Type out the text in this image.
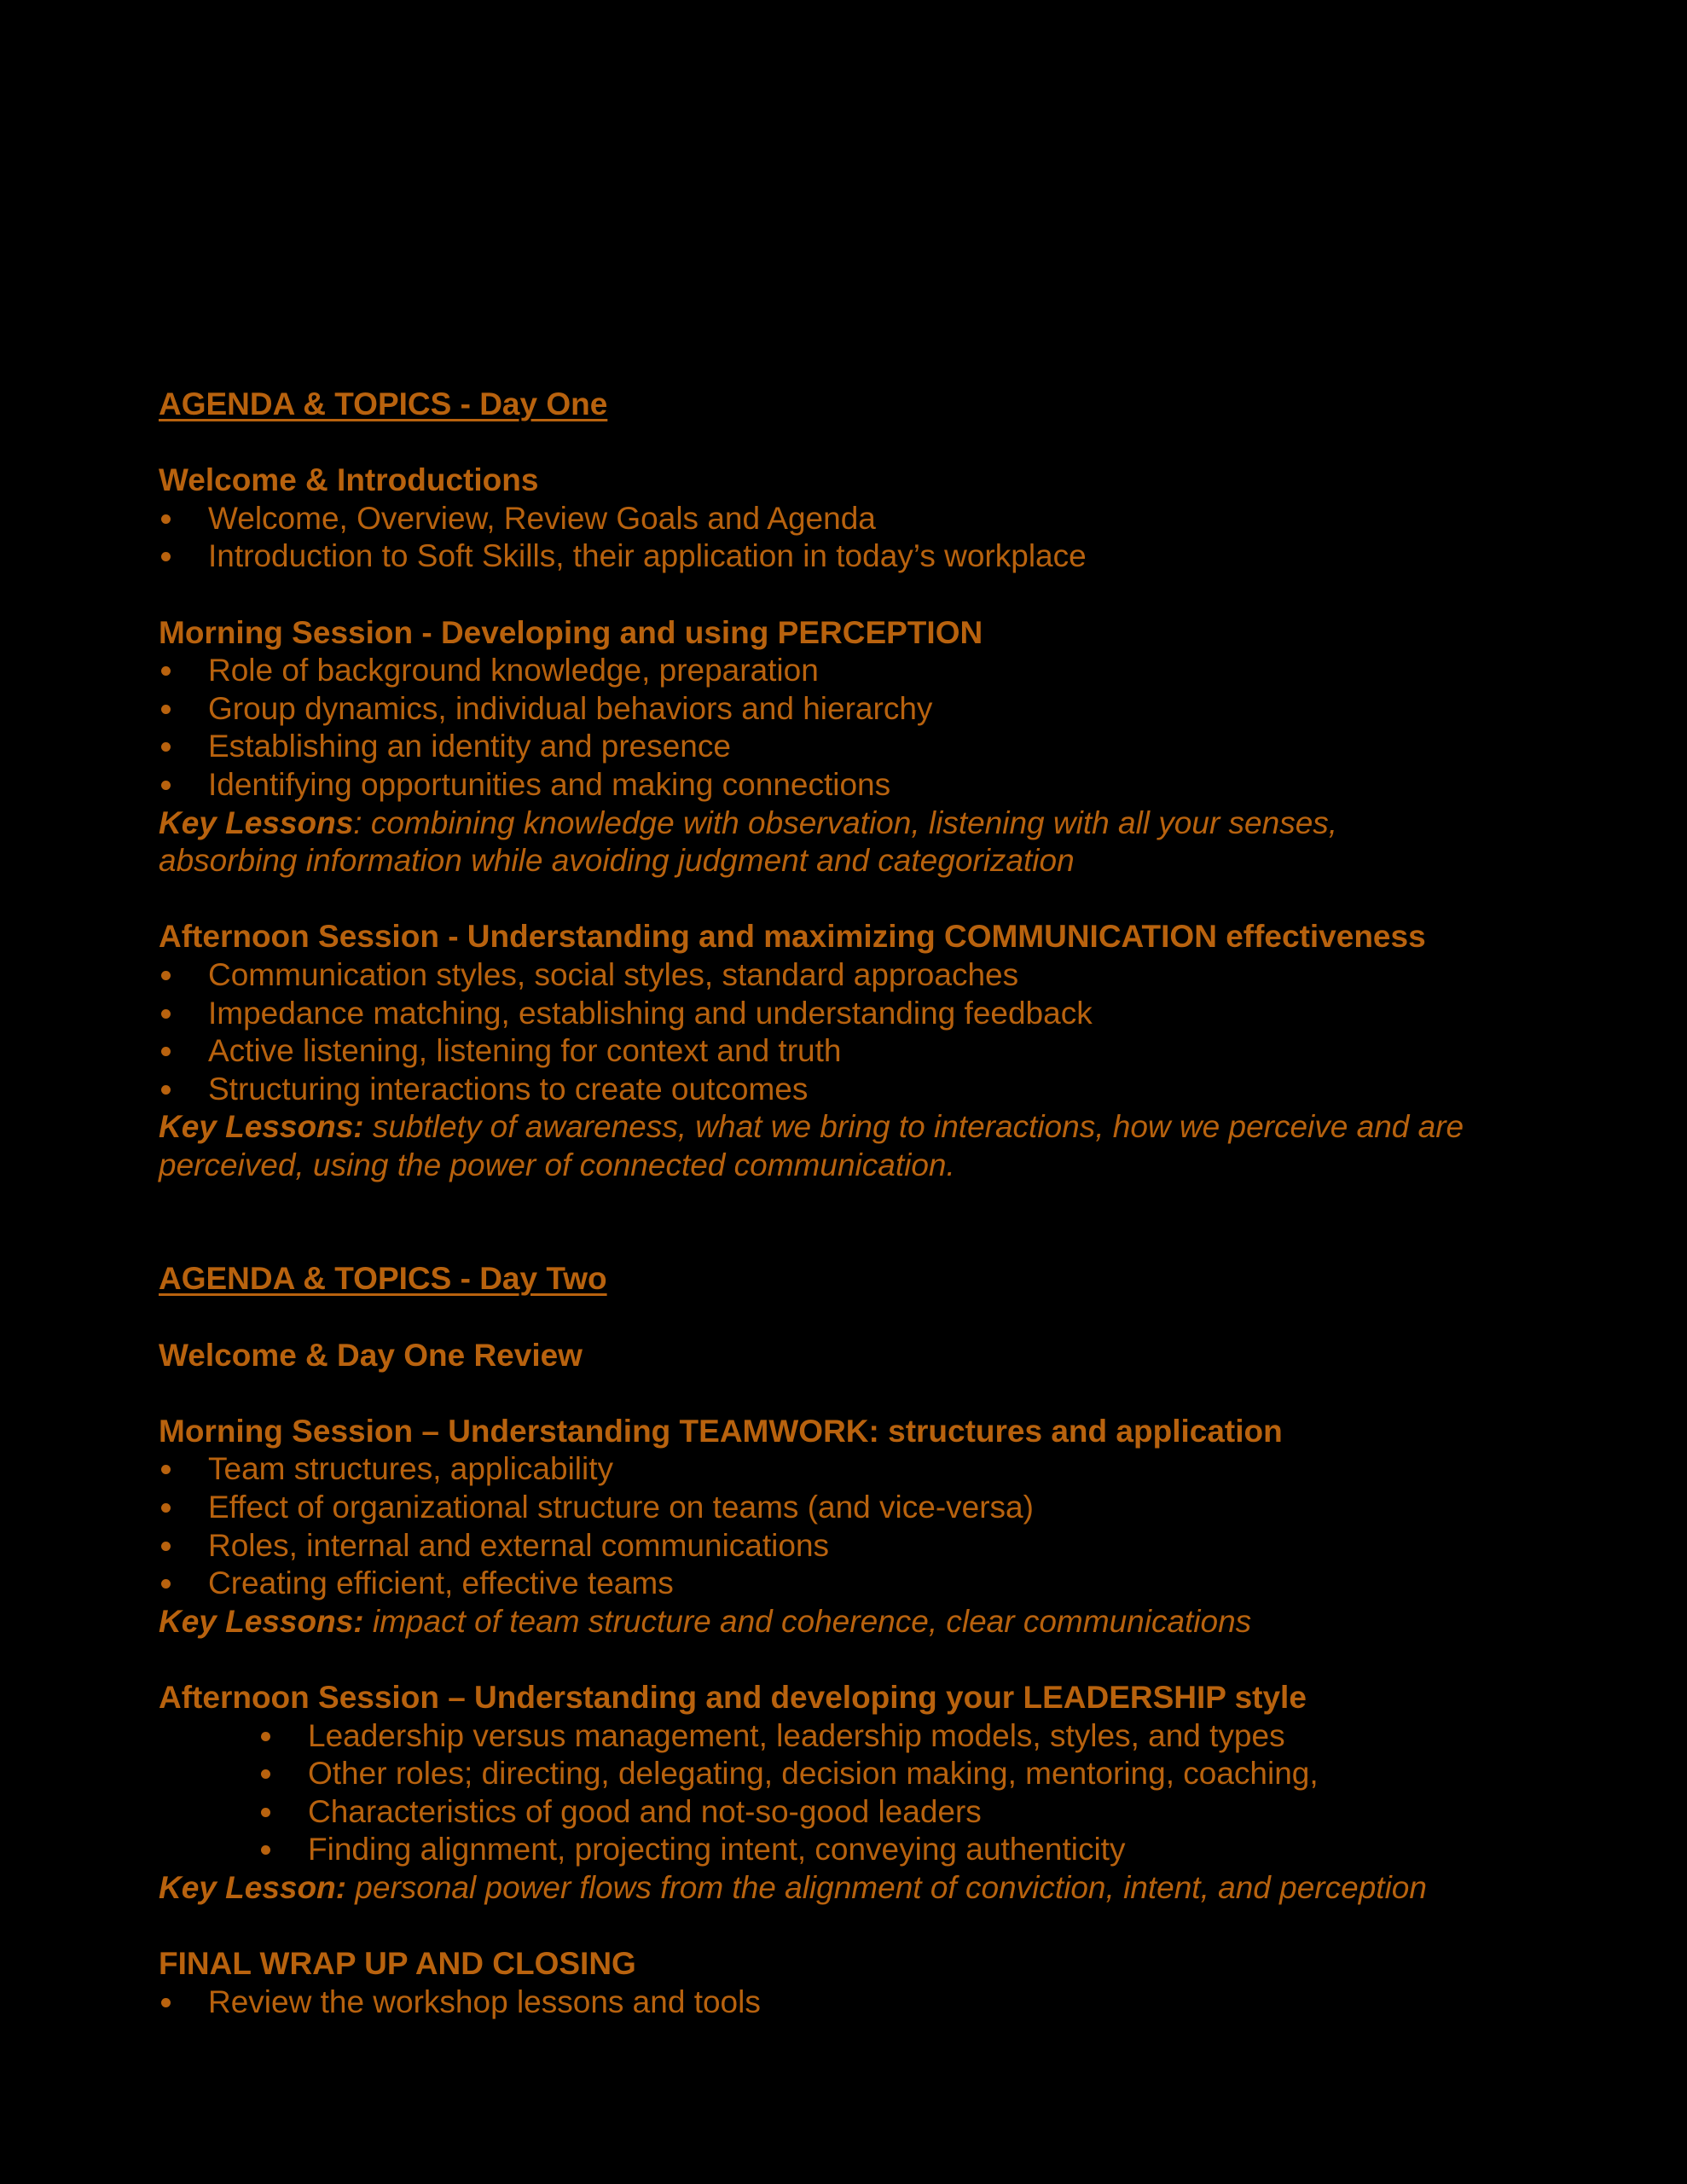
AGENDA & TOPICS - Day One
Welcome & Introductions
Welcome, Overview, Review Goals and Agenda
Introduction to Soft Skills, their application in today’s workplace
Morning Session - Developing and using PERCEPTION
Role of background knowledge, preparation
Group dynamics, individual behaviors and hierarchy
Establishing an identity and presence
Identifying opportunities and making connections
Key Lessons: combining knowledge with observation, listening with all your senses,
absorbing information while avoiding judgment and categorization
Afternoon Session - Understanding and maximizing COMMUNICATION effectiveness
Communication styles, social styles, standard approaches
Impedance matching, establishing and understanding feedback
Active listening, listening for context and truth
Structuring interactions to create outcomes
Key Lessons: subtlety of awareness, what we bring to interactions, how we perceive and are
perceived, using the power of connected communication.
AGENDA & TOPICS - Day Two
Welcome & Day One Review
Morning Session – Understanding TEAMWORK: structures and application
Team structures, applicability
Effect of organizational structure on teams (and vice-versa)
Roles, internal and external communications
Creating efficient, effective teams
Key Lessons: impact of team structure and coherence, clear communications
Afternoon Session – Understanding and developing your LEADERSHIP style
Leadership versus management, leadership models, styles, and types
Other roles; directing, delegating, decision making, mentoring, coaching,
Characteristics of good and not-so-good leaders
Finding alignment, projecting intent, conveying authenticity
Key Lesson: personal power flows from the alignment of conviction, intent, and perception
FINAL WRAP UP AND CLOSING
Review the workshop lessons and tools
